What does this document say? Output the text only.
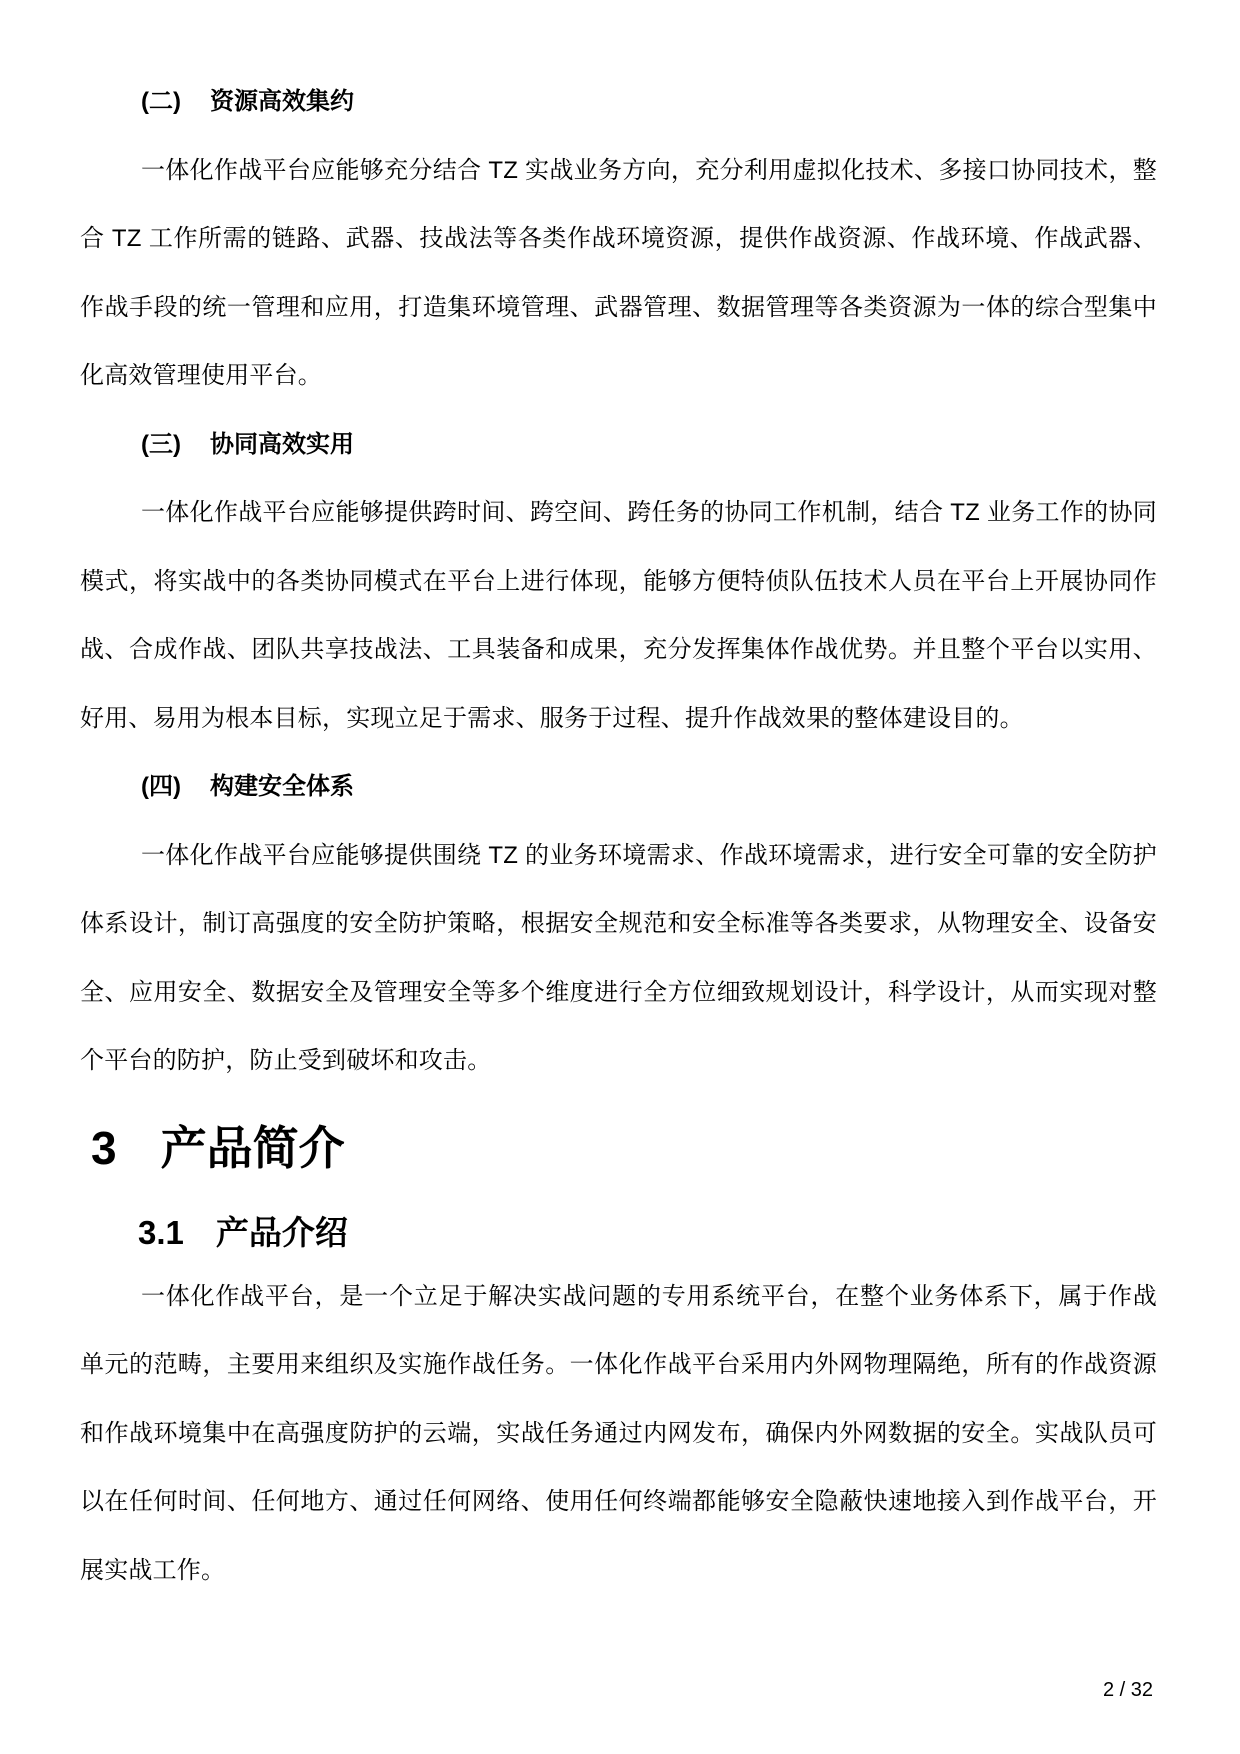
(二) 资源高效集约

一体化作战平台应能够充分结合 TZ 实战业务方向，充分利用虚拟化技术、多接口协同技术，整合 TZ 工作所需的链路、武器、技战法等各类作战环境资源，提供作战资源、作战环境、作战武器、作战手段的统一管理和应用，打造集环境管理、武器管理、数据管理等各类资源为一体的综合型集中化高效管理使用平台。

(三) 协同高效实用

一体化作战平台应能够提供跨时间、跨空间、跨任务的协同工作机制，结合 TZ 业务工作的协同模式，将实战中的各类协同模式在平台上进行体现，能够方便特侦队伍技术人员在平台上开展协同作战、合成作战、团队共享技战法、工具装备和成果，充分发挥集体作战优势。并且整个平台以实用、好用、易用为根本目标，实现立足于需求、服务于过程、提升作战效果的整体建设目的。

(四) 构建安全体系

一体化作战平台应能够提供围绕 TZ 的业务环境需求、作战环境需求，进行安全可靠的安全防护体系设计，制订高强度的安全防护策略，根据安全规范和安全标准等各类要求，从物理安全、设备安全、应用安全、数据安全及管理安全等多个维度进行全方位细致规划设计，科学设计，从而实现对整个平台的防护，防止受到破坏和攻击。

3 产品简介
3.1 产品介绍

一体化作战平台，是一个立足于解决实战问题的专用系统平台，在整个业务体系下，属于作战单元的范畴，主要用来组织及实施作战任务。一体化作战平台采用内外网物理隔绝，所有的作战资源和作战环境集中在高强度防护的云端，实战任务通过内网发布，确保内外网数据的安全。实战队员可以在任何时间、任何地方、通过任何网络、使用任何终端都能够安全隐蔽快速地接入到作战平台，开展实战工作。

2 / 32
